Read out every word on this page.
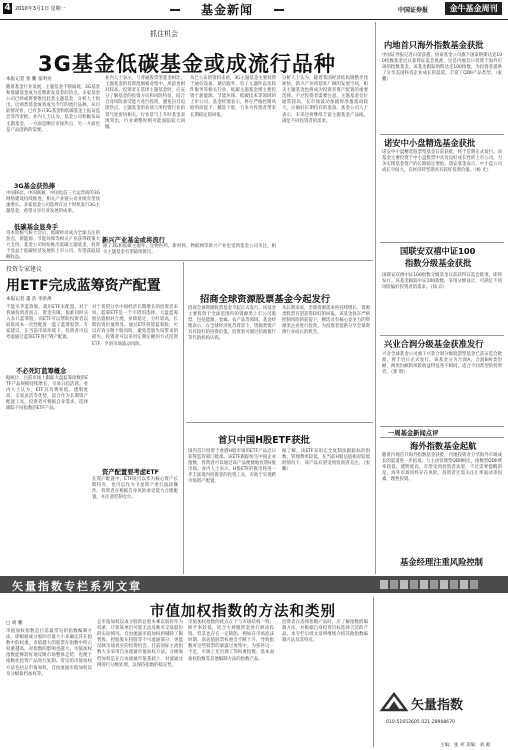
4 2010年3月1日 星期一	基金新闻	中国证券报	金牛基金周刊
抓住机会
3G基金低碳基金或成流行品种
本报记者 张 鹏 张明亮
随着基金行业发展，主题基金不断涌现，3G基金和低碳基金成为近期新发基金的热点。多家基金公司已经或将要推出此类主题基金，分析人士指出，这两类基金或将成为今年的流行品种。从目前情况看，已有多只3G基金和低碳基金上报证监会等待审批。业内人士认为，基金公司积极布局主题基金，一方面是顺应市场热点，另一方面也是产品创新的需要。
3G基金获热捧
中国移动、中国联通、中国电信三大运营商的3G网络建设持续推进，相关产业链公司业绩有望快速增长。多家基金公司选择在这个时机发行3G主题基金，希望分享行业发展的成果。
低碳基金显身手
哥本哈根气候大会后，低碳经济成为全球关注的焦点，新能源、节能环保等相关产业获得政策大力支持。基金公司纷纷推出低碳主题基金，投资于受益于低碳经济发展的上市公司，有望获取超额收益。
业内人士表示，与普通股票型基金相比，主题基金的投资范围相对集中，风险也相对较高。投资者在选择主题基金时，应充分了解基金的投资方向和风险特征，结合自身风险承受能力进行投资，避免盲目追逐热点。主题基金的业绩与所投资行业的景气度密切相关，行业景气上升时基金表现突出，行业调整时则可能面临较大回撤。
从已公布的资料来看，3G主题基金主要投资于通信设备、通信服务、电子元器件以及软件服务等相关行业，低碳主题基金则主要投资于新能源、节能环保、低碳技术等领域的上市公司。基金经理表示，将在严格控制风险的前提下，精选个股，力争为投资者带来长期稳定的回报。
新兴产业基金或将流行
除了3G和低碳主题外，生物医药、新材料、物联网等新兴产业也受到基金公司关注，相关主题基金有望陆续推出。
分析人士认为，随着我国经济结构调整步伐加快，新兴产业将迎来广阔的发展空间，相关主题基金也将成为投资者资产配置的重要选择。不过投资者需要注意，主题基金仓位通常较高，在市场波动加剧时净值波动较大，应做好长期持有的准备。基金公司人士表示，未来还将继续丰富主题基金产品线，满足不同投资者的需求。
内地首只海外指数基金获批
中国证券报记者日前获悉，国泰基金公司旗下国泰纳斯达克100指数基金近日获得证监会批准，这是内地首只投资于海外市场的指数基金。该基金跟踪纳斯达克100指数，为投资者提供了分享美国科技企业成长的渠道，丰富了QDII产品类型。（张 鹏）
诺安中小盘精选基金获批
诺安中小盘精选股票型基金日前获批，将于近期正式发行。该基金主要投资于中小盘股票中具有良好成长性的上市公司，力争实现基金资产的长期稳定增值。诺安基金表示，中小盘公司成长空间大，在经济转型期具有较好投资价值。（杨 光）
国联安双禧中证100
指数分级基金获批
国联安双禧中证100指数分级基金日前获得证监会批准，即将发行。该基金跟踪中证100指数，采用分级设计，可满足不同风险偏好投资者的需求。（徐 宾）
兴业合润分级基金获准发行
兴业全球基金公司旗下兴业合润分级股票型基金已获证监会批准，将于近日正式发行。该基金分为合润A、合润B两类份额，两类份额的风险收益特征各不相同，适合不同类型的投资者。（郭 明）
一周基金新闻点评
海外指数基金起航
随着内地首只海外指数基金获批，内地投资者分享海外市场成长的渠道进一步拓宽。与主动管理型QDII相比，指数型QDII费率较低、透明度高，有望受到投资者欢迎。不过需要提醒的是，海外市场同样存在风险，投资者还需关注汇率波动等因素，理性投资。
基金经理注重风险控制
投资专家建议
用ETF完成蓝筹资产配置
本报记者 董 浩 李洪禹
不能买齐蓝筹股，就用ETF来配置。对于普通投资者而言，资金有限，很难同时买入多只蓝筹股，而ETF可以帮助投资者以较低成本一次性配置一篮子蓝筹股票。专家建议，在当前市场环境下，投资者可以考虑通过蓝筹ETF进行资产配置。
不必死盯蓝筹概念
据统计，目前市场上跟踪大盘蓝筹指数的ETF产品规模持续增长，交易日趋活跃。业内人士认为，ETF具有费率低、透明度高、交易灵活等优势，适合作为长期资产配置工具。投资者可根据自身需求，选择跟踪不同指数的ETF产品。
对于希望分享中国经济长期增长的投资者来说，蓝筹ETF是一个不错的选择。大盘蓝筹股估值相对合理，业绩稳定，分红较高，长期投资价值明显。通过ETF投资蓝筹股，可以有效分散个股风险，避免选股失误带来的损失。投资者可以采用定期定额的方式投资ETF，平滑市场波动风险。
资产配置要考虑ETF
在资产配置中，ETF既可以作为核心资产长期持有，也可以作为卫星资产进行波段操作。投资者应根据自身风险承受能力合理配置，并注意控制仓位。
招商全球资源股票基金今起发行
招商全球资源股票基金今起正式发行，该基金主要投资于全球范围内的资源类上市公司股票，包括能源、金属、农产品等领域。基金经理表示，在全球经济复苏背景下，资源类资产具有较好的投资价值。投资者可通过招商银行等代销机构认购。
从长期来看，全球资源需求将持续增长，资源类股票有望获得较好的回报。该基金将在严格控制风险的前提下，精选具有核心竞争力的资源类企业进行投资，为投资者提供分享全球资源行业成长的机会。
首只中国H股ETF获批
国内首只投资于香港H股市场的ETF产品近日获得监管部门批准。该ETF跟踪恒生中国企业指数，投资者可以通过该产品便捷地投资H股市场。业内人士表示，H股ETF的推出将进一步丰富境内投资者的投资工具，有助于实现跨市场资产配置。
据了解，该ETF采用完全复制法跟踪标的指数，管理费率较低。在当前H股估值相对较低的情况下，该产品有望受到投资者关注。（张 鹏）
矢量指数专栏系列文章
市值加权指数的方法和类别
□ 胡 鹏
市值加权指数是目前最常见的指数编制方法，即根据成分股的市值大小来确定其在指数中的权重。市值越大的股票在指数中所占权重越高，对指数的影响也越大。市值加权指数能够较好地反映市场整体走势，也便于指数化投资产品进行复制。常见的市值加权方法包括总市值加权、自由流通市值加权以及分级靠档加权等。
总市值加权以成分股的总股本乘以股价作为权重，计算简单但可能无法反映可交易股份的实际情况。自由流通市值加权则剔除了限售股、控股股东持股等不可流通部分，更能反映市场真实的投资机会。目前国际主流指数大多采用自由流通市值加权方法。分级靠档加权是在自由流通市值基础上，对流通比例进行分级处理，以保持指数的稳定性。
市值加权指数的优点在于与市场结构一致，换手率较低，适合大规模资金进行被动投资。但其也存在一定缺陷，例如在市场泡沫时期，高估值股票权重会不断上升，导致指数对这些股票的暴露过度集中。为弥补这一不足，市场上还出现了等权重指数、基本面加权指数等其他编制方法的指数产品。
投资者在选择指数产品时，应了解指数的编制方法，并根据自身投资目标选择合适的产品。本专栏后续文章将继续介绍其他指数编制方法及其特点。
矢量指数
010-51652605 021-28908670
主编：张 亮 美编：刘 毅
